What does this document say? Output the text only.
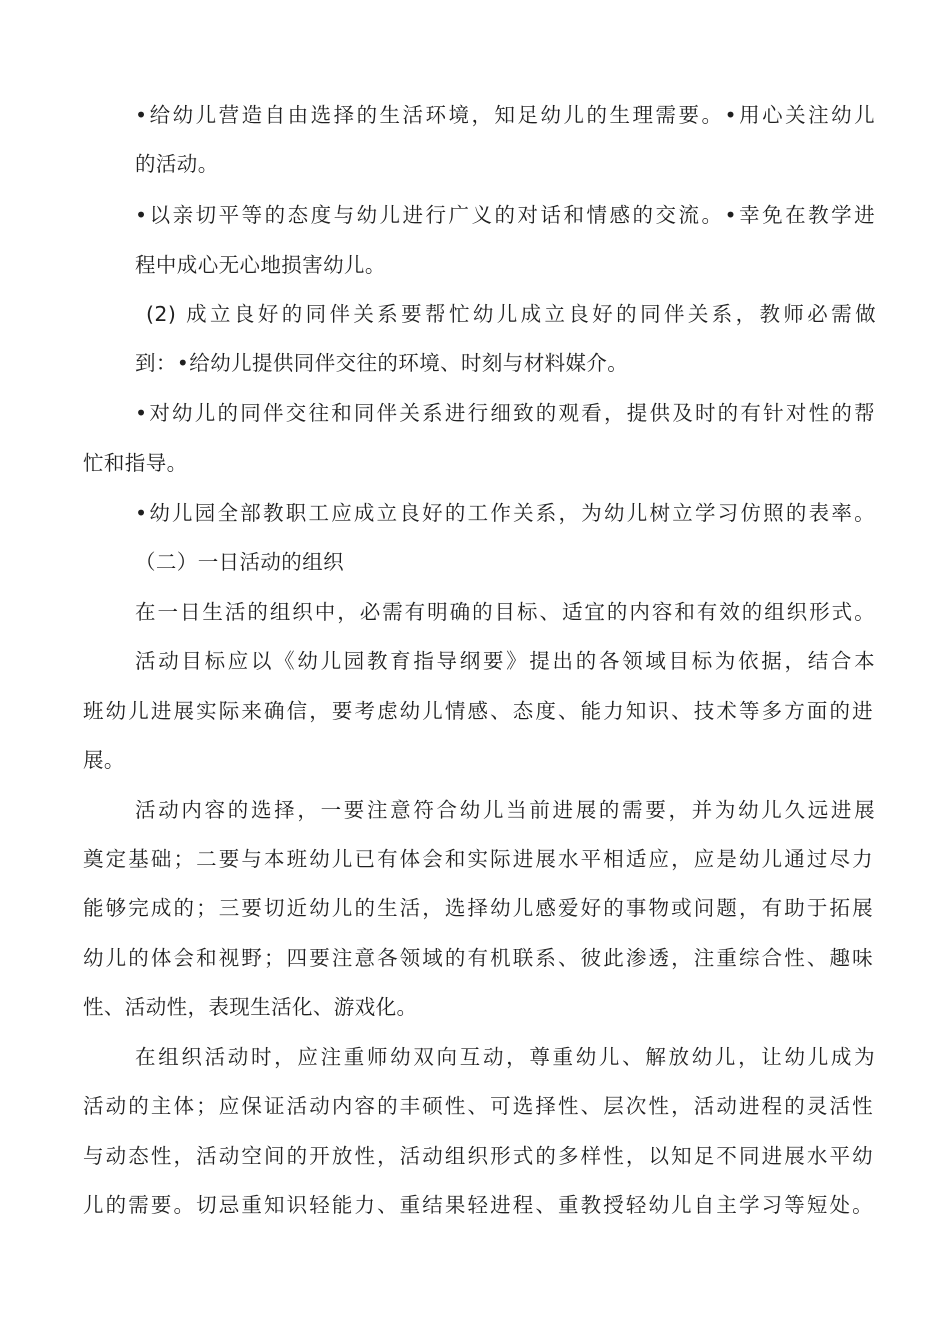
•给幼儿营造自由选择的生活环境，知足幼儿的生理需要。•用心关注幼儿
的活动。
•以亲切平等的态度与幼儿进行广义的对话和情感的交流。•幸免在教学进
程中成心无心地损害幼儿。
(2) 成立良好的同伴关系要帮忙幼儿成立良好的同伴关系，教师必需做
到：•给幼儿提供同伴交往的环境、时刻与材料媒介。
•对幼儿的同伴交往和同伴关系进行细致的观看，提供及时的有针对性的帮
忙和指导。
•幼儿园全部教职工应成立良好的工作关系，为幼儿树立学习仿照的表率。
（二）一日活动的组织
在一日生活的组织中，必需有明确的目标、适宜的内容和有效的组织形式。
活动目标应以《幼儿园教育指导纲要》提出的各领域目标为依据，结合本
班幼儿进展实际来确信，要考虑幼儿情感、态度、能力知识、技术等多方面的进
展。
活动内容的选择，一要注意符合幼儿当前进展的需要，并为幼儿久远进展
奠定基础；二要与本班幼儿已有体会和实际进展水平相适应，应是幼儿通过尽力
能够完成的；三要切近幼儿的生活，选择幼儿感爱好的事物或问题，有助于拓展
幼儿的体会和视野；四要注意各领域的有机联系、彼此渗透，注重综合性、趣味
性、活动性，表现生活化、游戏化。
在组织活动时，应注重师幼双向互动，尊重幼儿、解放幼儿，让幼儿成为
活动的主体；应保证活动内容的丰硕性、可选择性、层次性，活动进程的灵活性
与动态性，活动空间的开放性，活动组织形式的多样性，以知足不同进展水平幼
儿的需要。切忌重知识轻能力、重结果轻进程、重教授轻幼儿自主学习等短处。
